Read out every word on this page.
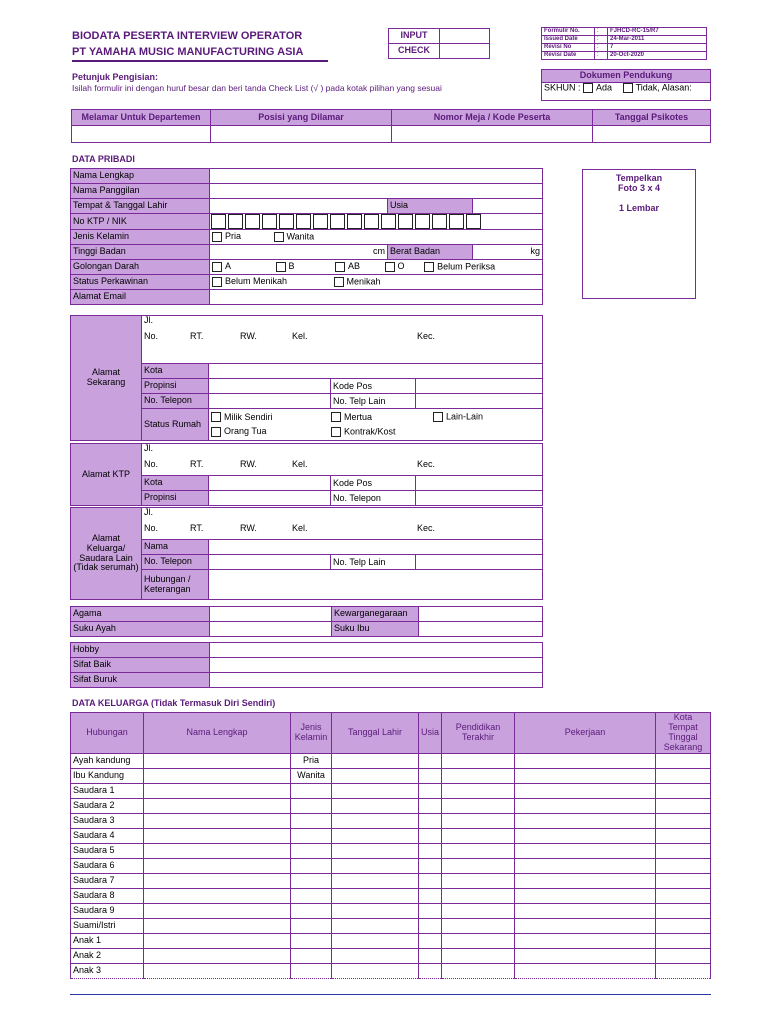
BIODATA PESERTA INTERVIEW OPERATOR
PT YAMAHA MUSIC MANUFACTURING ASIA
INPUT	
CHECK	
Formulir No.	:	FJHCD-RC-15/R7
Issued Date	:	24-Mar-2011
Revisi No	:	7
Revisi Date	:	20-Oct-2020
Dokumen Pendukung
SKHUN : Ada	Tidak, Alasan:
Petunjuk Pengisian:
Isilah formulir ini dengan huruf besar dan beri tanda Check List (√ ) pada kotak pilihan yang sesuai
Melamar Untuk Departemen	Posisi yang Dilamar	Nomor Meja / Kode Peserta	Tanggal Psikotes

DATA PRIBADI
Nama Lengkap			
Nama Panggilan			
Tempat & Tanggal Lahir		Usia	
No KTP / NIK			
Jenis Kelamin	Pria Wanita		
Tinggi Badan	cm	Berat Badan	kg
Golongan Darah	A B AB O Belum Periksa		
Status Perkawinan	Belum Menikah Menikah		
Alamat Email			
Tempelkan
Foto 3 x 4
1 Lembar
Alamat Sekarang	Jl.
No. RT. RW. Kel. Kec.		

	Kota		
	Propinsi		Kode Pos
	No. Telepon		No. Telp Lain
	Status Rumah	Milik Sendiri Mertua Lain-Lain
Orang Tua Kontrak/Kost	
Alamat KTP	Jl.
No. RT. RW. Kel. Kec.		

	Kota		Kode Pos
	Propinsi		No. Telepon
Alamat Keluarga/ Saudara Lain (Tidak serumah)	Jl.
No. RT. RW. Kel. Kec.		

	Nama		
	No. Telepon		No. Telp Lain

	Hubungan /
Keterangan		

Agama		Kewarganegaraan	
Suku Ayah		Suku Ibu	
Hobby	
Sifat Baik	
Sifat Buruk	
DATA KELUARGA (Tidak Termasuk Diri Sendiri)
Hubungan	Nama Lengkap	Jenis Kelamin	Tanggal Lahir	Usia	Pendidikan Terakhir	Pekerjaan	Kota Tempat Tinggal Sekarang
Ayah kandung		Pria					
Ibu Kandung		Wanita					
Saudara 1							
Saudara 2							
Saudara 3							
Saudara 4							
Saudara 5							
Saudara 6							
Saudara 7							
Saudara 8							
Saudara 9							
Suami/Istri							
Anak 1							
Anak 2							
Anak 3							
